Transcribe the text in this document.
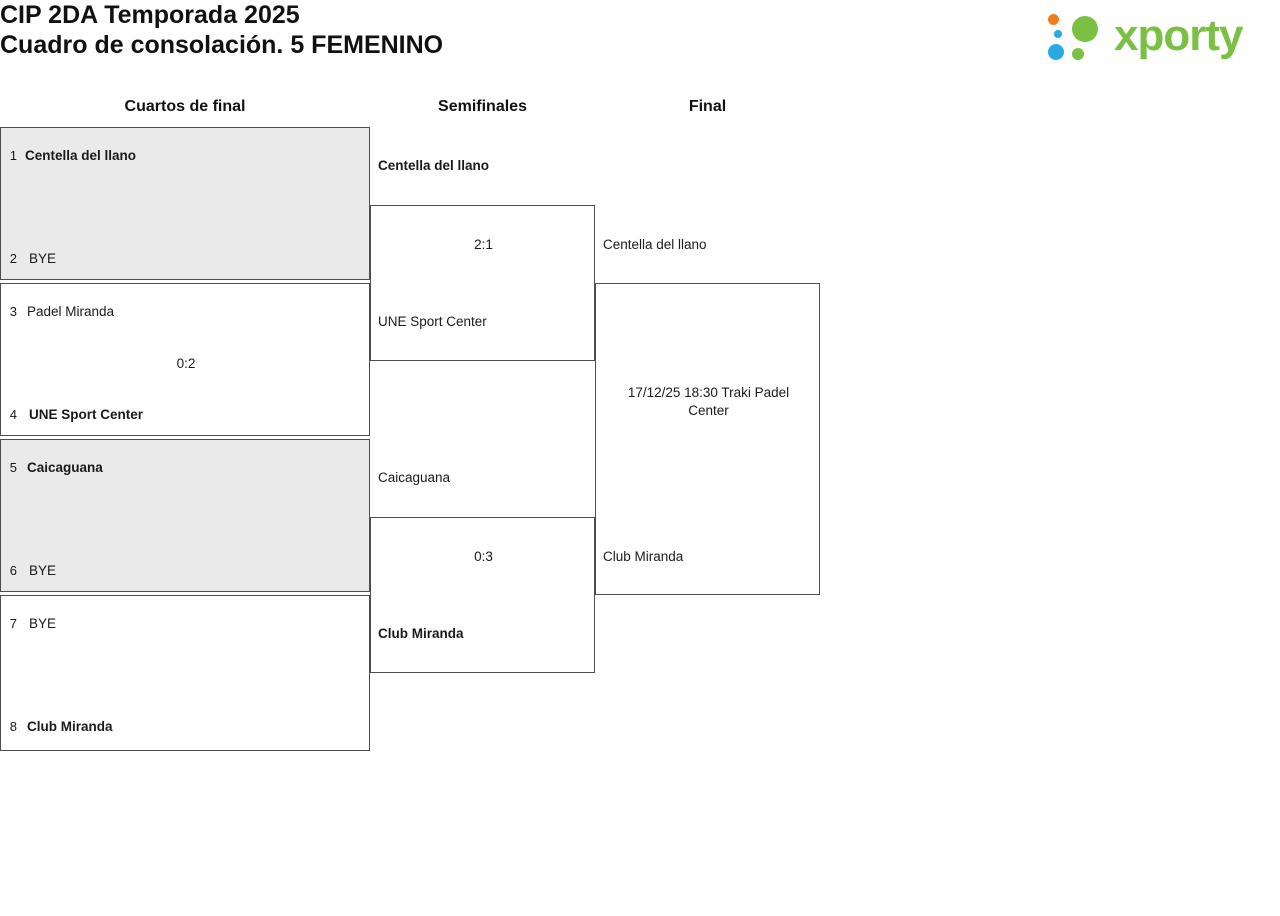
CIP 2DA Temporada 2025
Cuadro de consolación. 5 FEMENINO	xporty
Cuartos de final	Semifinales	Final
1 Centella del llano
2 BYE
3 Padel Miranda
0:2
4 UNE Sport Center
5 Caicaguana
6 BYE
7 BYE
8 Club Miranda
Centella del llano
2:1
UNE Sport Center
Caicaguana
0:3
Club Miranda
Centella del llano
17/12/25 18:30 Traki Padel Center
Club Miranda
